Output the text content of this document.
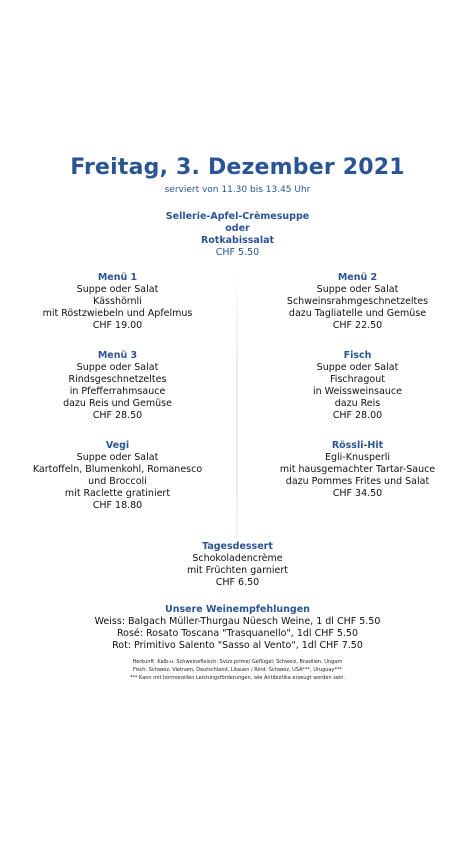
Freitag, 3. Dezember 2021
serviert von 11.30 bis 13.45 Uhr
Sellerie-Apfel-Crèmesuppe
oder
Rotkabissalat
CHF 5.50
Menü 1
Suppe oder Salat
Kässhörnli
mit Röstzwiebeln und Apfelmus
CHF 19.00
Menü 2
Suppe oder Salat
Schweinsrahmgeschnetzeltes
dazu Tagliatelle und Gemüse
CHF 22.50
Menü 3
Suppe oder Salat
Rindsgeschnetzeltes
in Pfefferrahmsauce
dazu Reis und Gemüse
CHF 28.50
Fisch
Suppe oder Salat
Fischragout
in Weissweinsauce
dazu Reis
CHF 28.00
Vegi
Suppe oder Salat
Kartoffeln, Blumenkohl, Romanesco
und Broccoli
mit Raclette gratiniert
CHF 18.80
Rössli-Hit
Egli-Knusperli
mit hausgemachter Tartar-Sauce
dazu Pommes Frites und Salat
CHF 34.50
Tagesdessert
Schokoladencrème
mit Früchten garniert
CHF 6.50
Unsere Weinempfehlungen
Weiss: Balgach Müller-Thurgau Nüesch Weine, 1 dl CHF 5.50
Rosé: Rosato Toscana "Trasquanello", 1dl CHF 5.50
Rot: Primitivo Salento "Sasso al Vento", 1dl CHF 7.50
Herkunft: Kalb-u. Schweinefleisch: Svizz.prime/ Geflügel: Schweiz, Brasilien, Ungarn
Fisch: Schweiz, Vietnam, Deutschland, Litauen / Rind: Schweiz, USA***, Uruguay***
*** Kann mit hormonellen Leistungsförderungen, wie Antibiotika erzeugt worden sein.
